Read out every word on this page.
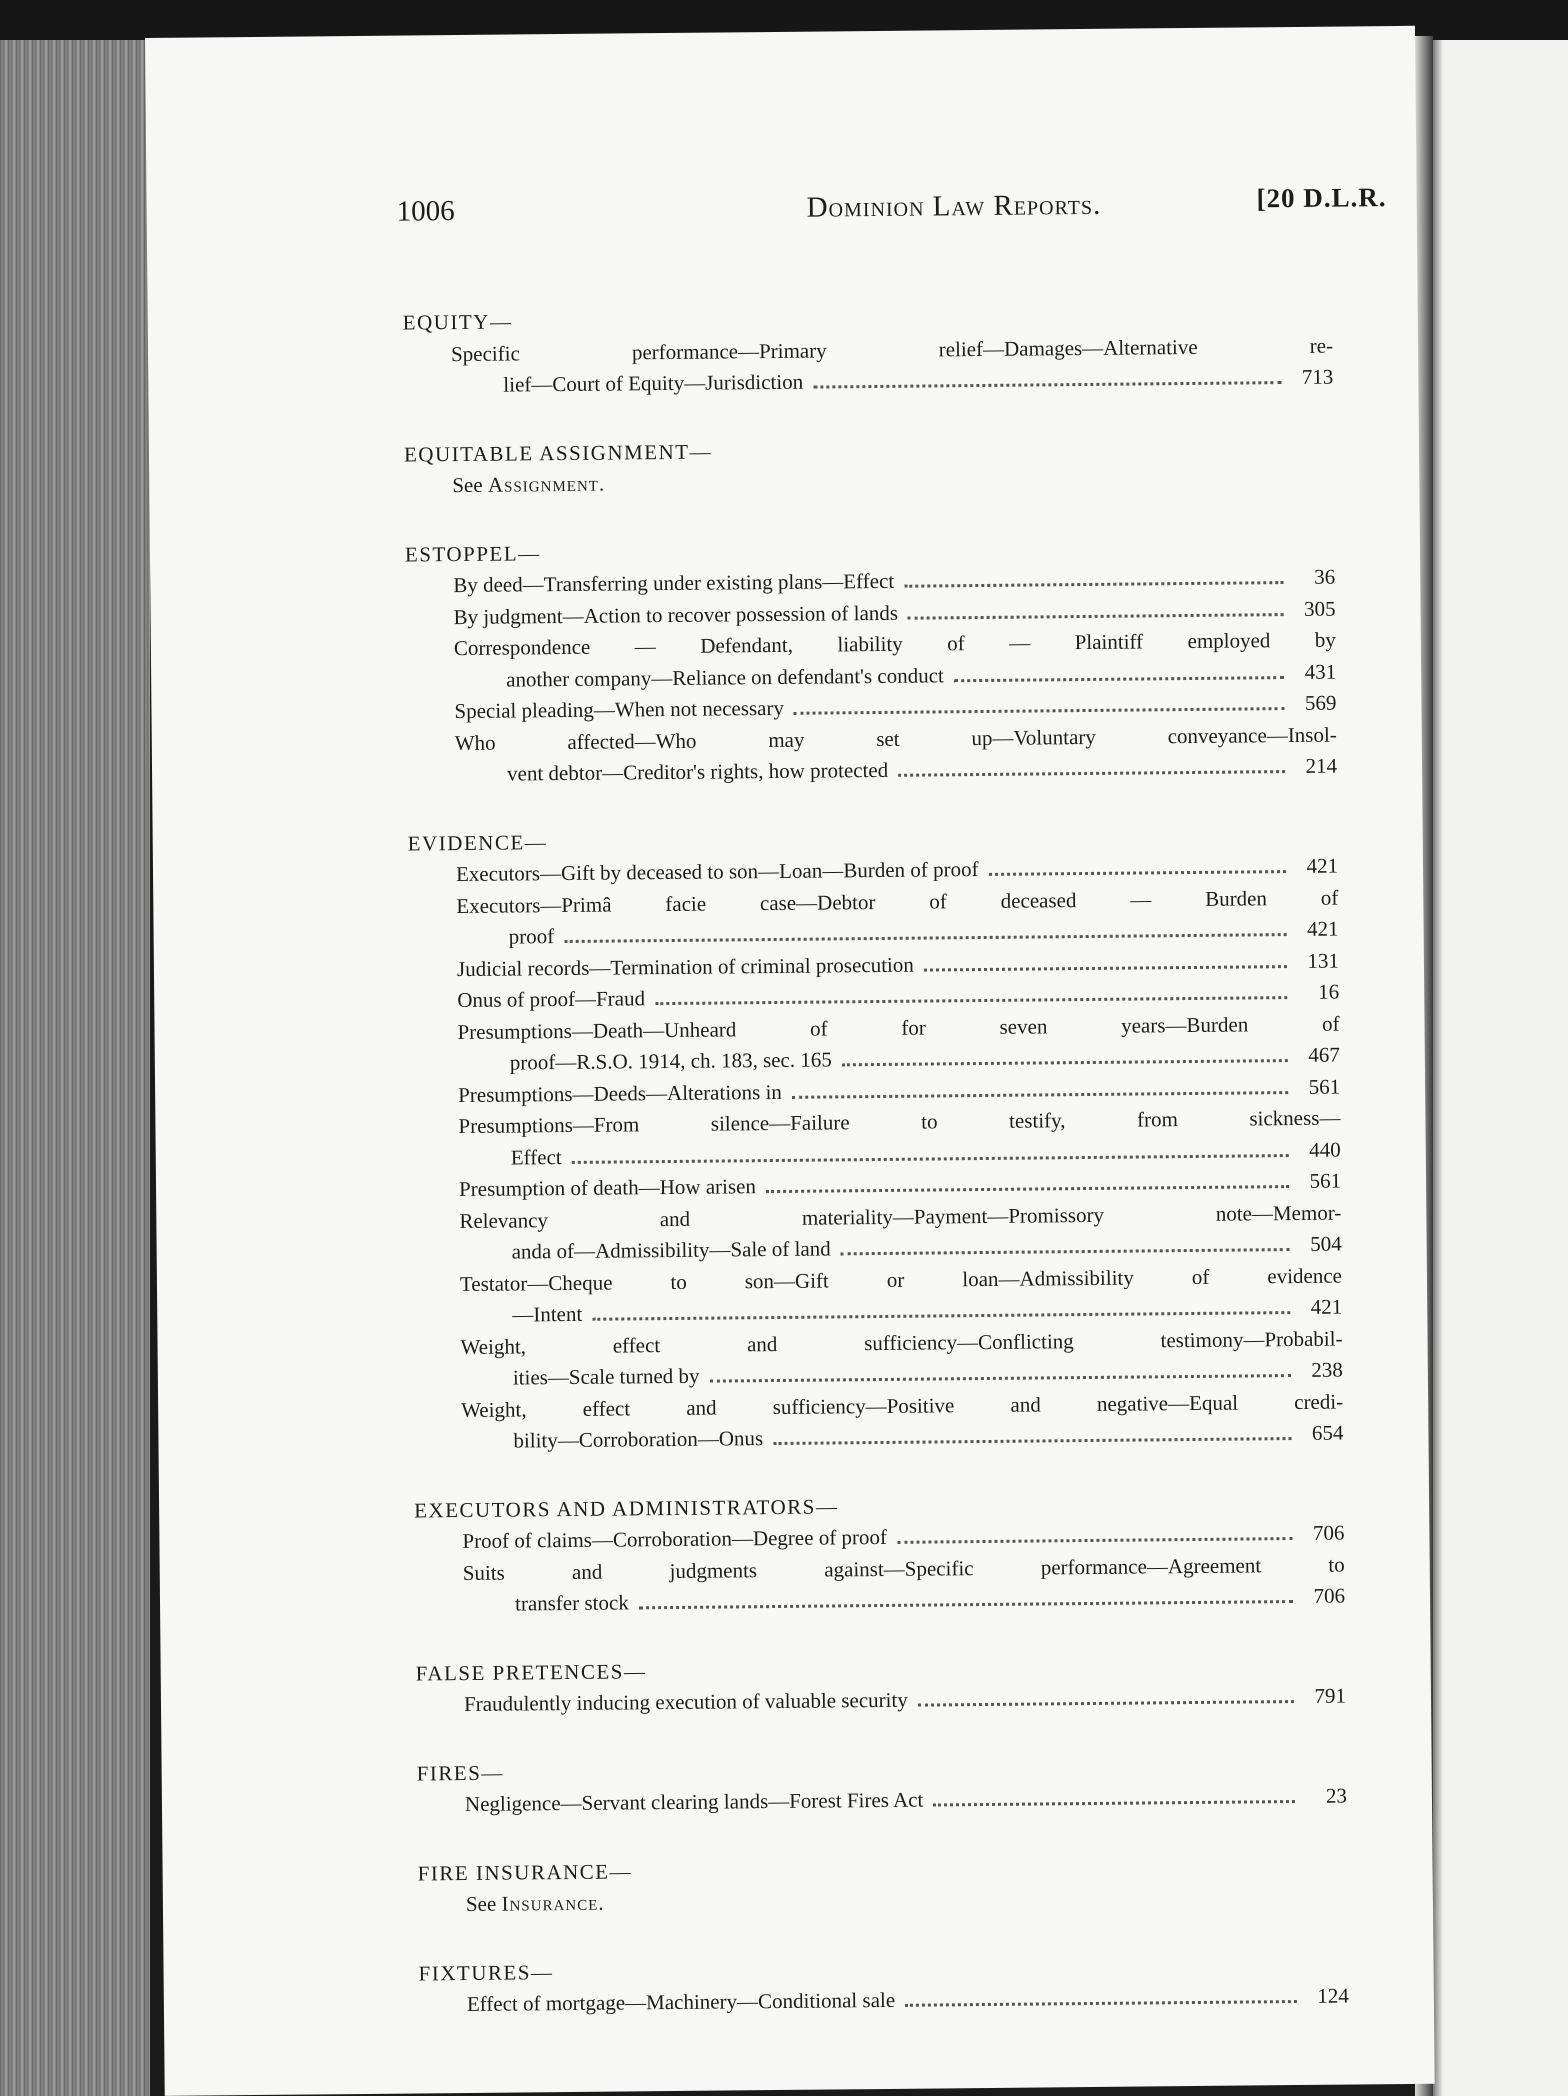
1006	Dominion Law Reports.	[20 D.L.R.
EQUITY—
Specific performance—Primary relief—Damages—Alternative re-
lief—Court of Equity—Jurisdiction	713
EQUITABLE ASSIGNMENT—
See Assignment.
ESTOPPEL—
By deed—Transferring under existing plans—Effect	36
By judgment—Action to recover possession of lands	305
Correspondence — Defendant, liability of — Plaintiff employed by
another company—Reliance on defendant's conduct	431
Special pleading—When not necessary	569
Who affected—Who may set up—Voluntary conveyance—Insol-
vent debtor—Creditor's rights, how protected	214
EVIDENCE—
Executors—Gift by deceased to son—Loan—Burden of proof	421
Executors—Primâ facie case—Debtor of deceased — Burden of
proof	421
Judicial records—Termination of criminal prosecution	131
Onus of proof—Fraud	16
Presumptions—Death—Unheard of for seven years—Burden of
proof—R.S.O. 1914, ch. 183, sec. 165	467
Presumptions—Deeds—Alterations in	561
Presumptions—From silence—Failure to testify, from sickness—
Effect	440
Presumption of death—How arisen	561
Relevancy and materiality—Payment—Promissory note—Memor-
anda of—Admissibility—Sale of land	504
Testator—Cheque to son—Gift or loan—Admissibility of evidence
—Intent	421
Weight, effect and sufficiency—Conflicting testimony—Probabil-
ities—Scale turned by	238
Weight, effect and sufficiency—Positive and negative—Equal credi-
bility—Corroboration—Onus	654
EXECUTORS AND ADMINISTRATORS—
Proof of claims—Corroboration—Degree of proof	706
Suits and judgments against—Specific performance—Agreement to
transfer stock	706
FALSE PRETENCES—
Fraudulently inducing execution of valuable security	791
FIRES—
Negligence—Servant clearing lands—Forest Fires Act	23
FIRE INSURANCE—
See Insurance.
FIXTURES—
Effect of mortgage—Machinery—Conditional sale	124
